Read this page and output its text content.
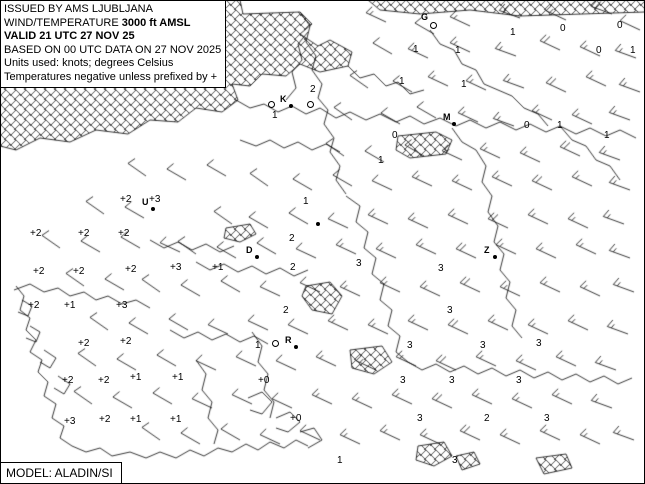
ISSUED BY AMS LJUBLJANA
WIND/TEMPERATURE 3000 ft AMSL
VALID 21 UTC 27 NOV 25
BASED ON 00 UTC DATA ON 27 NOV 2025
Units used: knots; degrees Celsius
Temperatures negative unless prefixed by +
MODEL: ALADIN/SI
0
0
1
1	1	0	1
1	1
2
0	1
1
0	1
1
+2 +3	1
+2	+2	+2	2
+2	+2	+2	+3	+1	2	3	3
+2 +1	+3	2	3
+2	+2	1	3	3	3
+2 +2 +1	+1	+0	3	3	3
+3 +2 +1	+1	+0	3	2	3
3
1
K
G
M
U
Z
D
R
